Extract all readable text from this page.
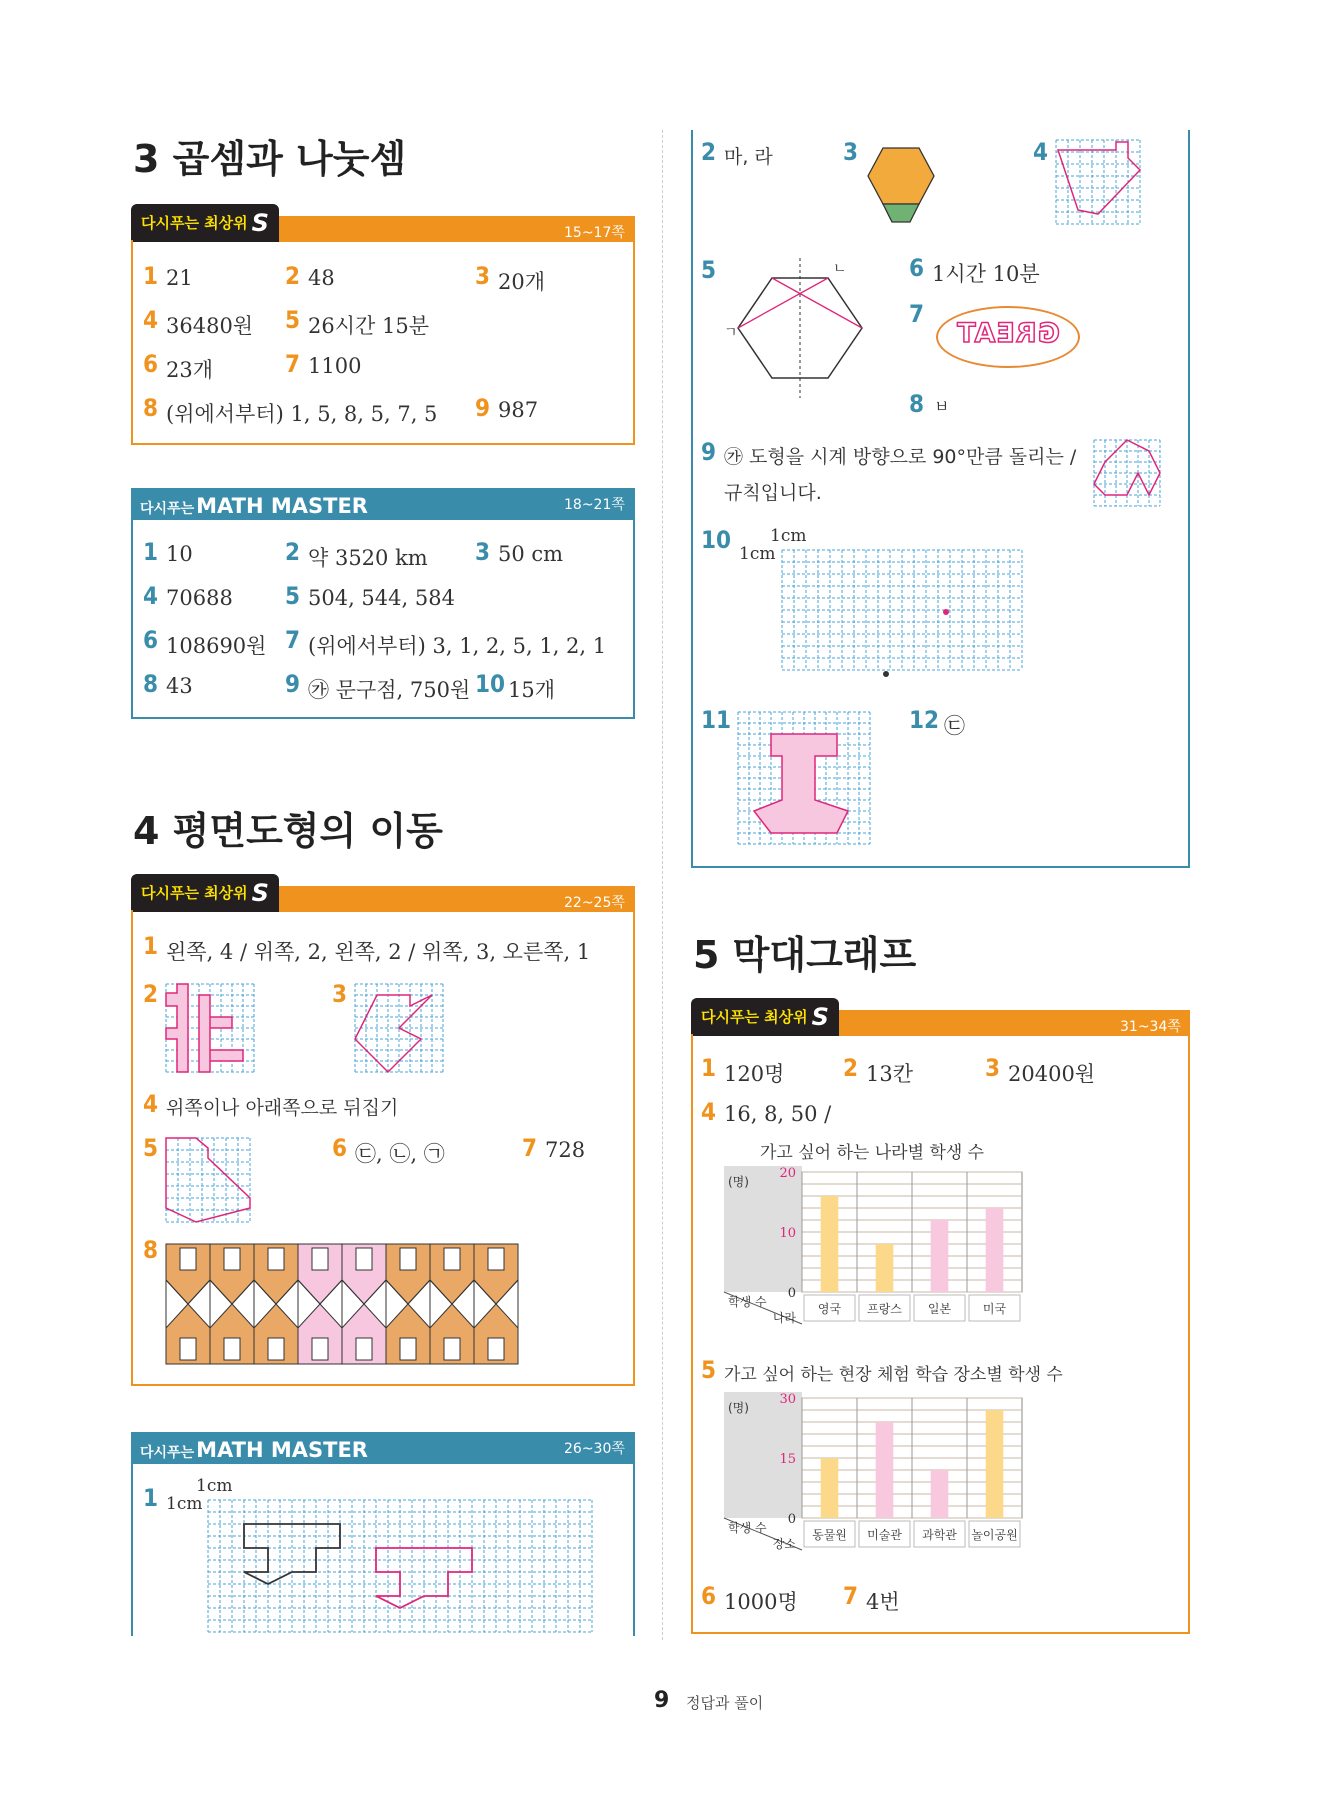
3 곱셈과 나눗셈
다시푸는 최상위 S	15~17쪽
1 21	2 48	3 20개
4 36480원 5 26시간 15분
6 23개	7 1100
8 (위에서부터) 1, 5, 8, 5, 7, 5 9 987
다시푸는MATH MASTER	18~21쪽
1 10	2 약 3520 km 3 50 cm
4 70688 5 504, 544, 584
6 108690원 7 (위에서부터) 3, 1, 2, 5, 1, 2, 1
8 43	9 ㉮ 문구점, 750원 10 15개
4 평면도형의 이동
다시푸는 최상위 S	22~25쪽
1 왼쪽, 4 / 위쪽, 2, 왼쪽, 2 / 위쪽, 3, 오른쪽, 1
2	3
4 위쪽이나 아래쪽으로 뒤집기
5	6 ㉢, ㉡, ㉠	7 728
8
다시푸는MATH MASTER	26~30쪽
1 1cm
1cm
2 마, 라	3	4
5	ㄴ
ㄱ
6 1시간 10분
7
GREAT
8 ㅂ
9 ㉮ 도형을 시계 방향으로 90°만큼 돌리는 /
규칙입니다.
10 1cm
1cm
11	12 ㉢
5 막대그래프
다시푸는 최상위 S	31~34쪽
1 120명 2 13칸	3 20400원
4 16, 8, 50 /
가고 싶어 하는 나라별 학생 수
영국 프랑스 일본	미국
0
10
20
(명)
학생 수
나라
5 가고 싶어 하는 현장 체험 학습 장소별 학생 수
동물원 미술관 과학관 놀이공원
0
15
30
(명)
학생 수
장소
6 1000명 7 4번
9 정답과 풀이
